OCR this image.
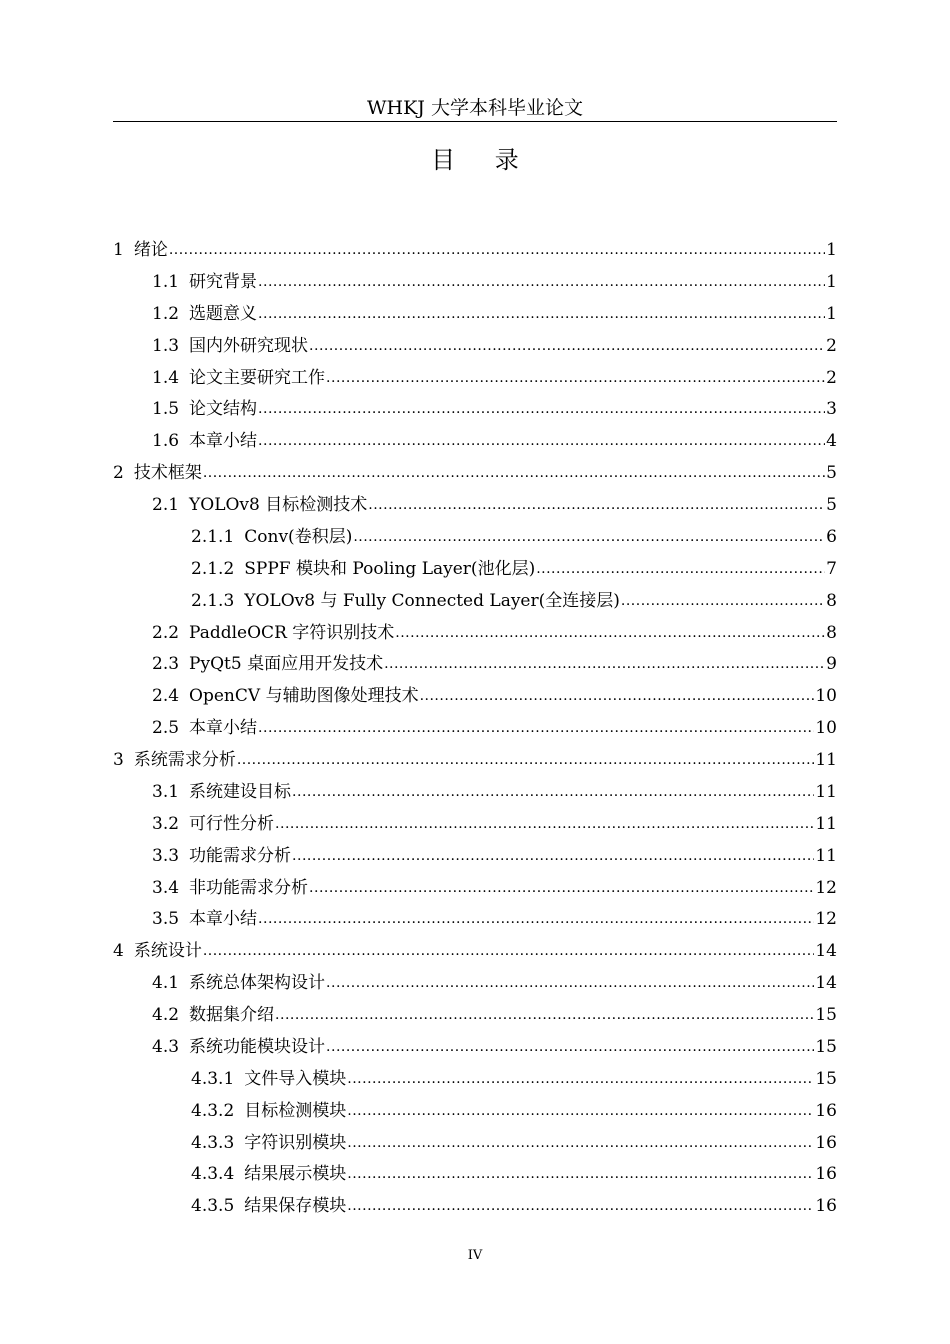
WHKJ 大学本科毕业论文
目 录
1 绪论 .....	1
1.1 研究背景 .....	1
1.2 选题意义 .....	1
1.3 国内外研究现状 .....	2
1.4 论文主要研究工作 .....	2
1.5 论文结构 .....	3
1.6 本章小结 .....	4
2 技术框架 .....	5
2.1 YOLOv8 目标检测技术 .....	5
2.1.1 Conv(卷积层) .....	6
2.1.2 SPPF 模块和 Pooling Layer(池化层) .....	7
2.1.3 YOLOv8 与 Fully Connected Layer(全连接层) .....	8
2.2 PaddleOCR 字符识别技术 .....	8
2.3 PyQt5 桌面应用开发技术 .....	9
2.4 OpenCV 与辅助图像处理技术 .....	10
2.5 本章小结 .....	10
3 系统需求分析 .....	11
3.1 系统建设目标 .....	11
3.2 可行性分析 .....	11
3.3 功能需求分析 .....	11
3.4 非功能需求分析 .....	12
3.5 本章小结 .....	12
4 系统设计 .....	14
4.1 系统总体架构设计 .....	14
4.2 数据集介绍 .....	15
4.3 系统功能模块设计 .....	15
4.3.1 文件导入模块 .....	15
4.3.2 目标检测模块 .....	16
4.3.3 字符识别模块 .....	16
4.3.4 结果展示模块 .....	16
4.3.5 结果保存模块 .....	16
IV
